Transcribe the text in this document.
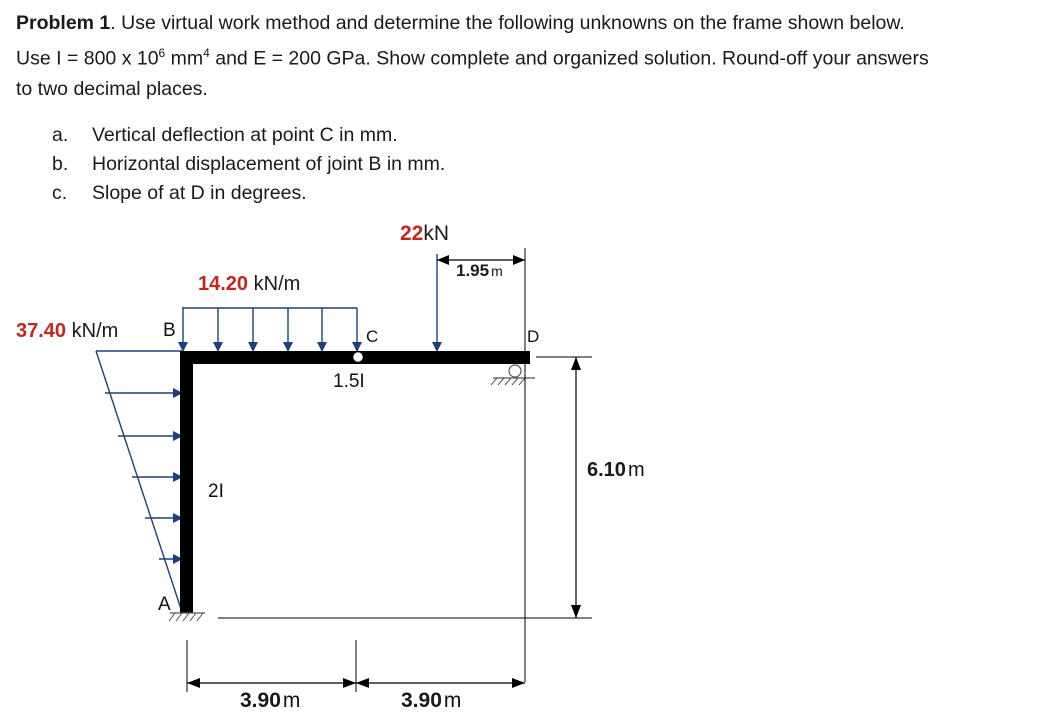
Problem 1. Use virtual work method and determine the following unknowns on the frame shown below.
Use I = 800 x $10^6$ $mm^4$ and E = 200 GPa. Show complete and organized solution. Round-off your answers
to two decimal places.
a.	Vertical deflection at point C in mm.
b.	Horizontal displacement of joint B in mm.
c.	Slope of at D in degrees.
14.20 kN/m
37.40 kN/m
22kN
1.95 m
1.5I
2I
6.10 m
3.90m	3.90m
A
B	C	D
